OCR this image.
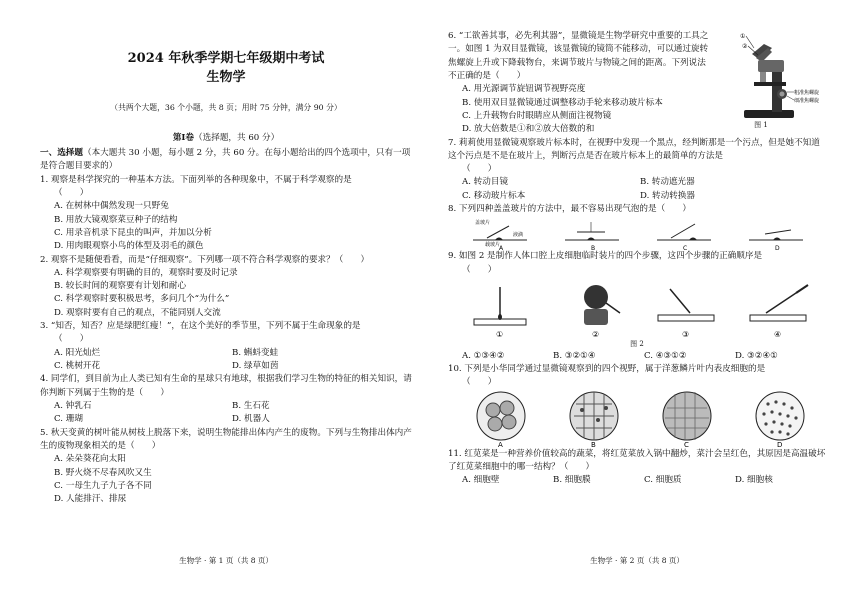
2024 年秋季学期七年级期中考试
生物学
（共两个大题，36 个小题，共 8 页；用时 75 分钟，满分 90 分）
第Ⅰ卷（选择题，共 60 分）
一、选择题（本大题共 30 小题，每小题 2 分，共 60 分。在每小题给出的四个选项中，只有一项是符合题目要求的）
1. 观察是科学探究的一种基本方法。下面列举的各种现象中，不属于科学观察的是
（　　）
A. 在树林中偶然发现一只野兔
B. 用放大镜观察菜豆种子的结构
C. 用录音机录下昆虫的叫声，并加以分析
D. 用肉眼观察小鸟的体型及羽毛的颜色
2. 观察不是随便看看，而是“仔细观察”。下列哪一项不符合科学观察的要求？（　　）
A. 科学观察要有明确的目的，观察时要及时记录
B. 较长时间的观察要有计划和耐心
C. 科学观察时要积极思考，多问几个“为什么”
D. 观察时要有自己的观点，不能同别人交流
3. “知否，知否？应是绿肥红瘦！”，在这个美好的季节里，下列不属于生命现象的是
（　　）
A. 阳光灿烂	B. 蝌蚪变蛙
C. 桃树开花	D. 绿草如茵
4. 同学们，到目前为止人类已知有生命的星球只有地球，根据我们学习生物的特征的相关知识，请你判断下列属于生物的是（　　）
A. 钟乳石	B. 生石花
C. 珊瑚	D. 机器人
5. 秋天变黄的树叶能从树枝上脱落下来，说明生物能排出体内产生的废物。下列与生物排出体内产生的废物现象相关的是（　　）
A. 朵朵葵花向太阳
B. 野火烧不尽春风吹又生
C. 一母生九子九子各不同
D. 人能排汗、排尿
生物学 · 第 1 页（共 8 页）
6. “工欲善其事，必先利其器”，显微镜是生物学研究中重要的工具之一。如图 1 为双目显微镜，该显微镜的镜筒不能移动，可以通过旋转焦螺旋上升或下降载物台，来调节玻片与物镜之间的距离。下列说法不正确的是（　　）
A. 用光源调节旋钮调节视野亮度
B. 使用双目显微镜通过调整移动手轮来移动玻片标本
C. 上升载物台时眼睛应从侧面注视物镜
D. 放大倍数是①和②放大倍数的和
①
②
粗准焦螺旋
细准焦螺旋
图 1
7. 莉莉使用显微镜观察玻片标本时，在视野中发现一个黑点，经判断那是一个污点，但是她不知道这个污点是不是在玻片上，判断污点是否在玻片标本上的最简单的方法是
（　　）
A. 转动目镜	B. 转动遮光器
C. 移动玻片标本	D. 转动转换器
8. 下列四种盖盖玻片的方法中，最不容易出现气泡的是（　　）
盖玻片
液滴
载玻片
A	B	C	D
9. 如图 2 是制作人体口腔上皮细胞临时装片的四个步骤，这四个步骤的正确顺序是
（　　）
①	②	③	④
图 2
A. ①③④②	B. ③②①④	C. ④③①②	D. ③②④①
10. 下列是小华同学通过显微镜观察到的四个视野，属于洋葱鳞片叶内表皮细胞的是
（　　）
A	B	C	D
11. 红苋菜是一种营养价值较高的蔬菜，将红苋菜放入锅中翻炒，菜汁会呈红色，其原因是高温破坏了红苋菜细胞中的哪一结构？（　　）
A. 细胞壁	B. 细胞膜	C. 细胞质	D. 细胞核
生物学 · 第 2 页（共 8 页）
